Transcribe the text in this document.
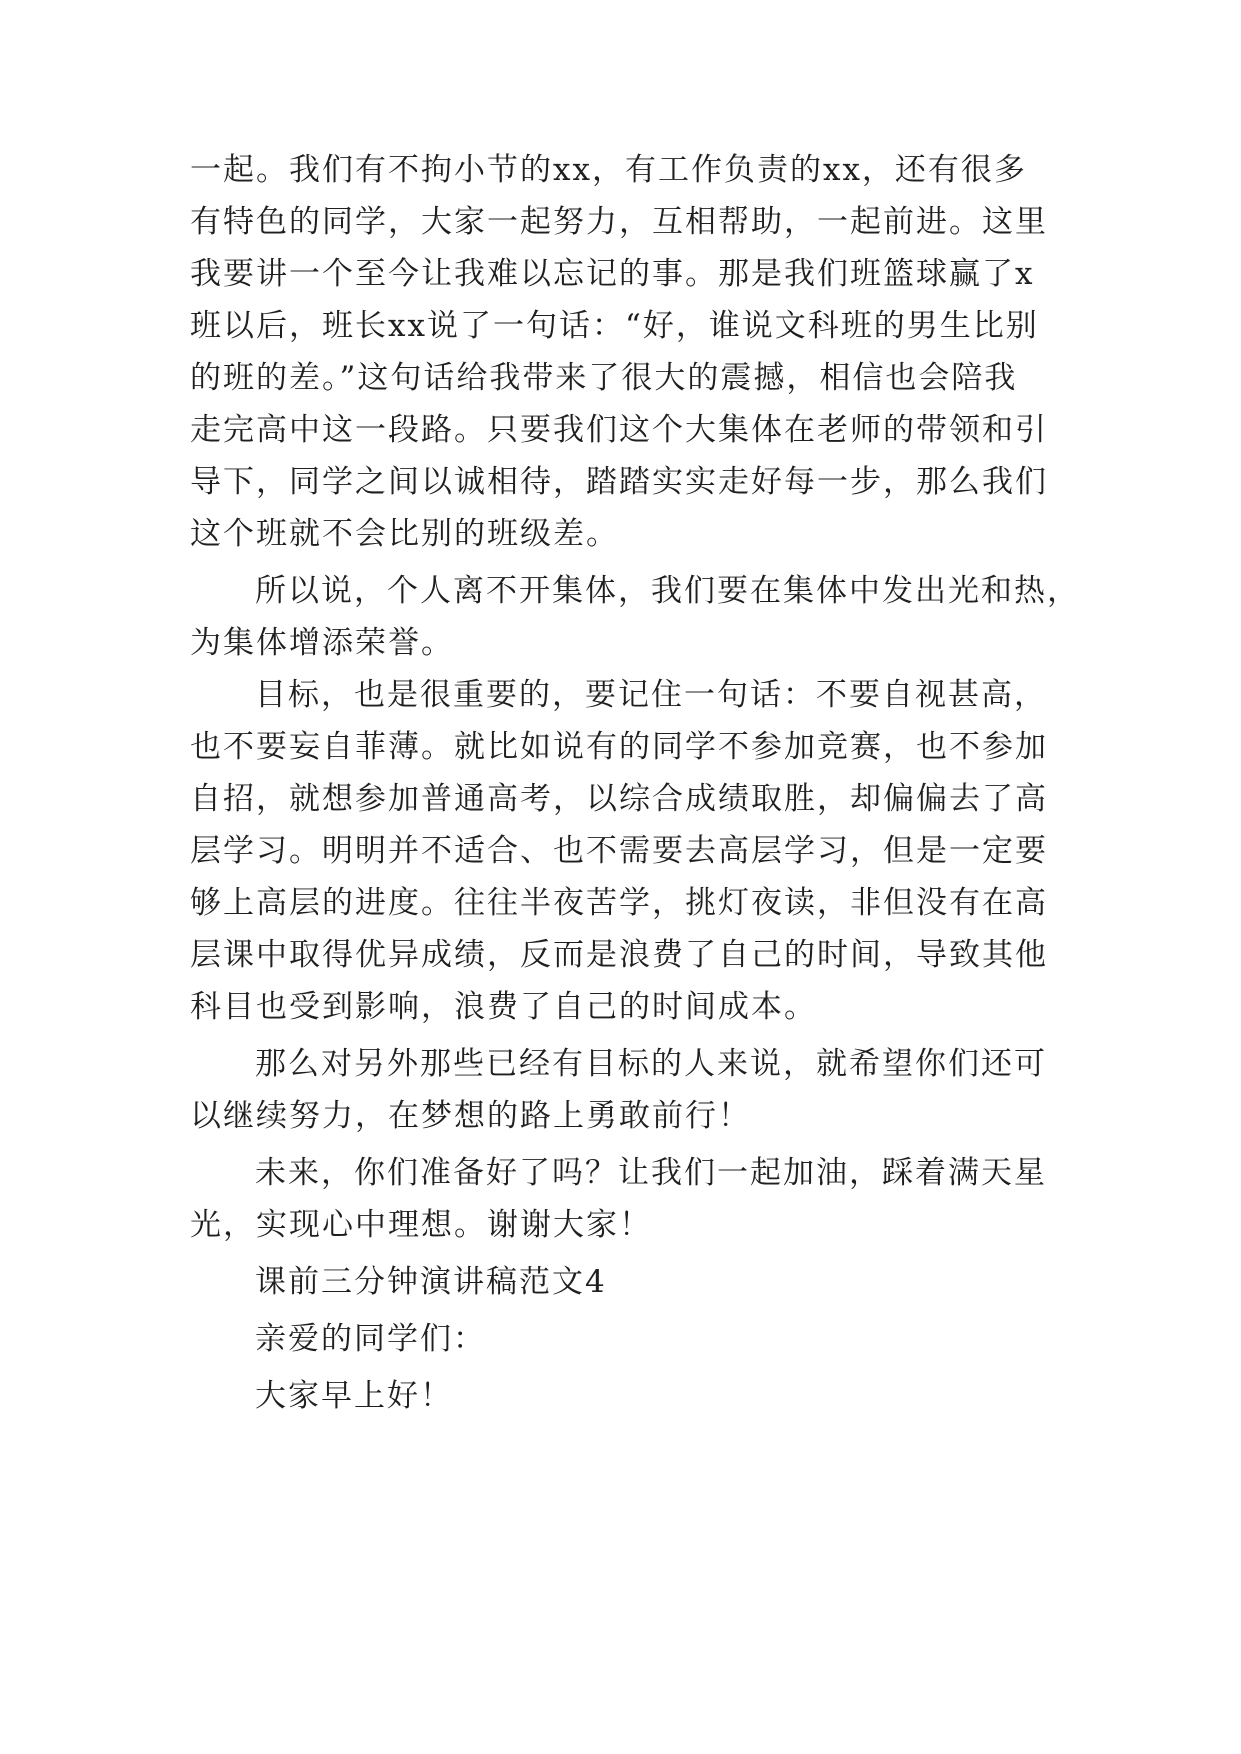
一起。我们有不拘小节的xx，有工作负责的xx，还有很多
有特色的同学，大家一起努力，互相帮助，一起前进。这里
我要讲一个至今让我难以忘记的事。那是我们班篮球赢了x
班以后，班长xx说了一句话：“好，谁说文科班的男生比别
的班的差。”这句话给我带来了很大的震撼，相信也会陪我
走完高中这一段路。只要我们这个大集体在老师的带领和引
导下，同学之间以诚相待，踏踏实实走好每一步，那么我们
这个班就不会比别的班级差。
所以说，个人离不开集体，我们要在集体中发出光和热，
为集体增添荣誉。
目标，也是很重要的，要记住一句话：不要自视甚高，
也不要妄自菲薄。就比如说有的同学不参加竞赛，也不参加
自招，就想参加普通高考，以综合成绩取胜，却偏偏去了高
层学习。明明并不适合、也不需要去高层学习，但是一定要
够上高层的进度。往往半夜苦学，挑灯夜读，非但没有在高
层课中取得优异成绩，反而是浪费了自己的时间，导致其他
科目也受到影响，浪费了自己的时间成本。
那么对另外那些已经有目标的人来说，就希望你们还可
以继续努力，在梦想的路上勇敢前行！
未来，你们准备好了吗？让我们一起加油，踩着满天星
光，实现心中理想。谢谢大家！
课前三分钟演讲稿范文4
亲爱的同学们：
大家早上好！
